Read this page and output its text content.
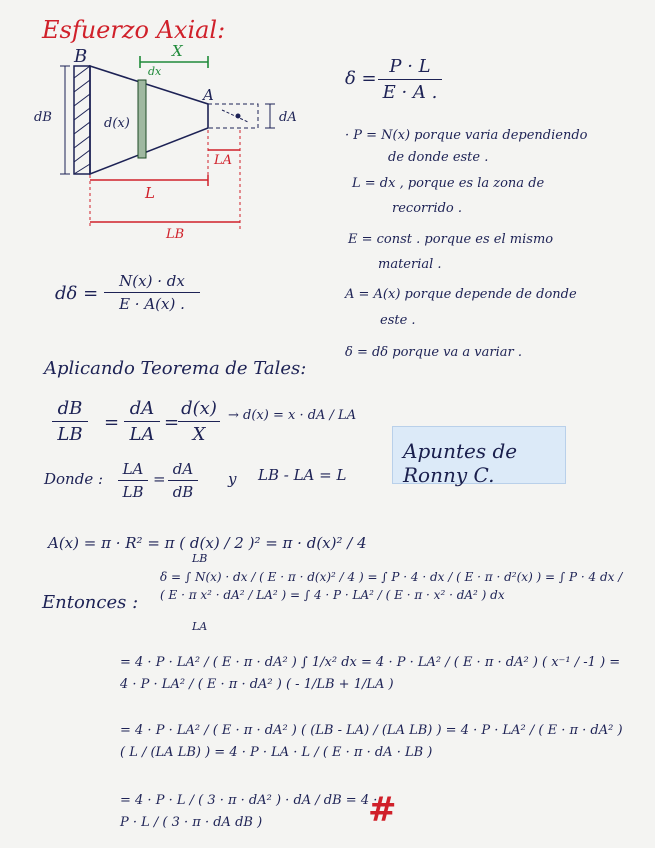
Esfuerzo Axial:
B
A
X
dx
dB	d(x)	dA
LA
L
LB
δ =
P · L
E · A .
· P = N(x) porque varia dependiendo
de donde este .
L = dx , porque es la zona de
recorrido .
E = const . porque es el mismo
material .
A = A(x) porque depende de donde
este .
δ = dδ porque va a variar .
dδ =
N(x) · dx
E · A(x) .
Aplicando Teorema de Tales:
dB
LB
=
dA
LA
=
d(x)
X
→ d(x) = x · dA / LA
Donde :
LA
LB
=
dA
dB
y LB - LA = L
Apuntes de Ronny C.
A(x) = π · R² = π ( d(x) / 2 )² = π · d(x)² / 4
Entonces :
δ = ∫ N(x) · dx / ( E · π · d(x)² / 4 ) = ∫ P · 4 · dx / ( E · π · d²(x) ) = ∫ P · 4 dx / ( E · π x² · dA² / LA² ) = ∫ 4 · P · LA² / ( E · π · x² · dA² ) dx
LA
LB
= 4 · P · LA² / ( E · π · dA² ) ∫ 1/x² dx = 4 · P · LA² / ( E · π · dA² ) ( x⁻¹ / -1 ) = 4 · P · LA² / ( E · π · dA² ) ( - 1/LB + 1/LA )
= 4 · P · LA² / ( E · π · dA² ) ( (LB - LA) / (LA LB) ) = 4 · P · LA² / ( E · π · dA² ) ( L / (LA LB) ) = 4 · P · LA · L / ( E · π · dA · LB )
= 4 · P · L / ( 3 · π · dA² ) · dA / dB = 4 · P · L / ( 3 · π · dA dB )	#
